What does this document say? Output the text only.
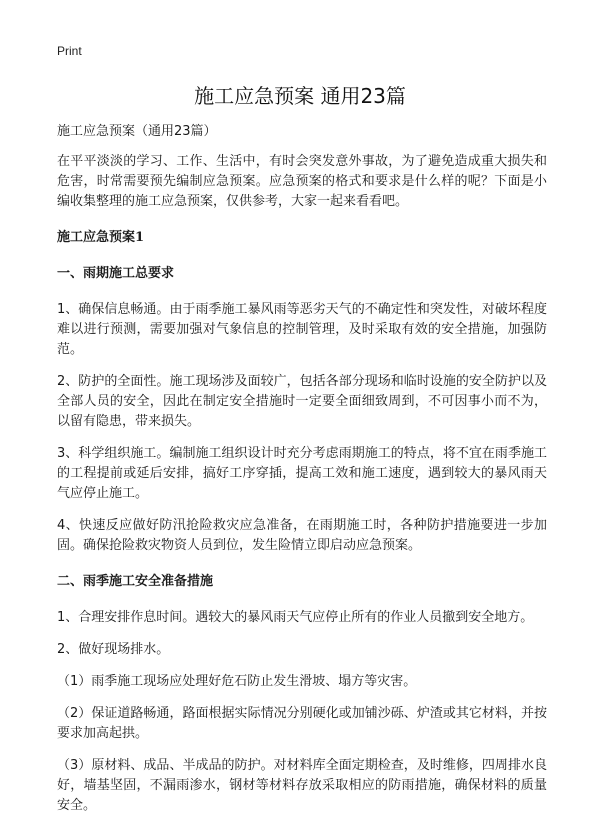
Print
施工应急预案 通用23篇

施工应急预案（通用23篇）

在平平淡淡的学习、工作、生活中，有时会突发意外事故，为了避免造成重大损失和危害，时常需要预先编制应急预案。应急预案的格式和要求是什么样的呢？下面是小编收集整理的施工应急预案，仅供参考，大家一起来看看吧。

施工应急预案1

一、雨期施工总要求

1、确保信息畅通。由于雨季施工暴风雨等恶劣天气的不确定性和突发性，对破坏程度难以进行预测，需要加强对气象信息的控制管理，及时采取有效的安全措施，加强防范。

2、防护的全面性。施工现场涉及面较广，包括各部分现场和临时设施的安全防护以及全部人员的安全，因此在制定安全措施时一定要全面细致周到，不可因事小而不为，以留有隐患，带来损失。

3、科学组织施工。编制施工组织设计时充分考虑雨期施工的特点，将不宜在雨季施工的工程提前或延后安排，搞好工序穿插，提高工效和施工速度，遇到较大的暴风雨天气应停止施工。

4、快速反应做好防汛抢险救灾应急准备，在雨期施工时，各种防护措施要进一步加固。确保抢险救灾物资人员到位，发生险情立即启动应急预案。

二、雨季施工安全准备措施

1、合理安排作息时间。遇较大的暴风雨天气应停止所有的作业人员撤到安全地方。

2、做好现场排水。

（1）雨季施工现场应处理好危石防止发生滑坡、塌方等灾害。

（2）保证道路畅通，路面根据实际情况分别硬化或加铺沙砾、炉渣或其它材料，并按要求加高起拱。

（3）原材料、成品、半成品的防护。对材料库全面定期检查，及时维修，四周排水良好，墙基坚固，不漏雨渗水，钢材等材料存放采取相应的防雨措施，确保材料的质量安全。
